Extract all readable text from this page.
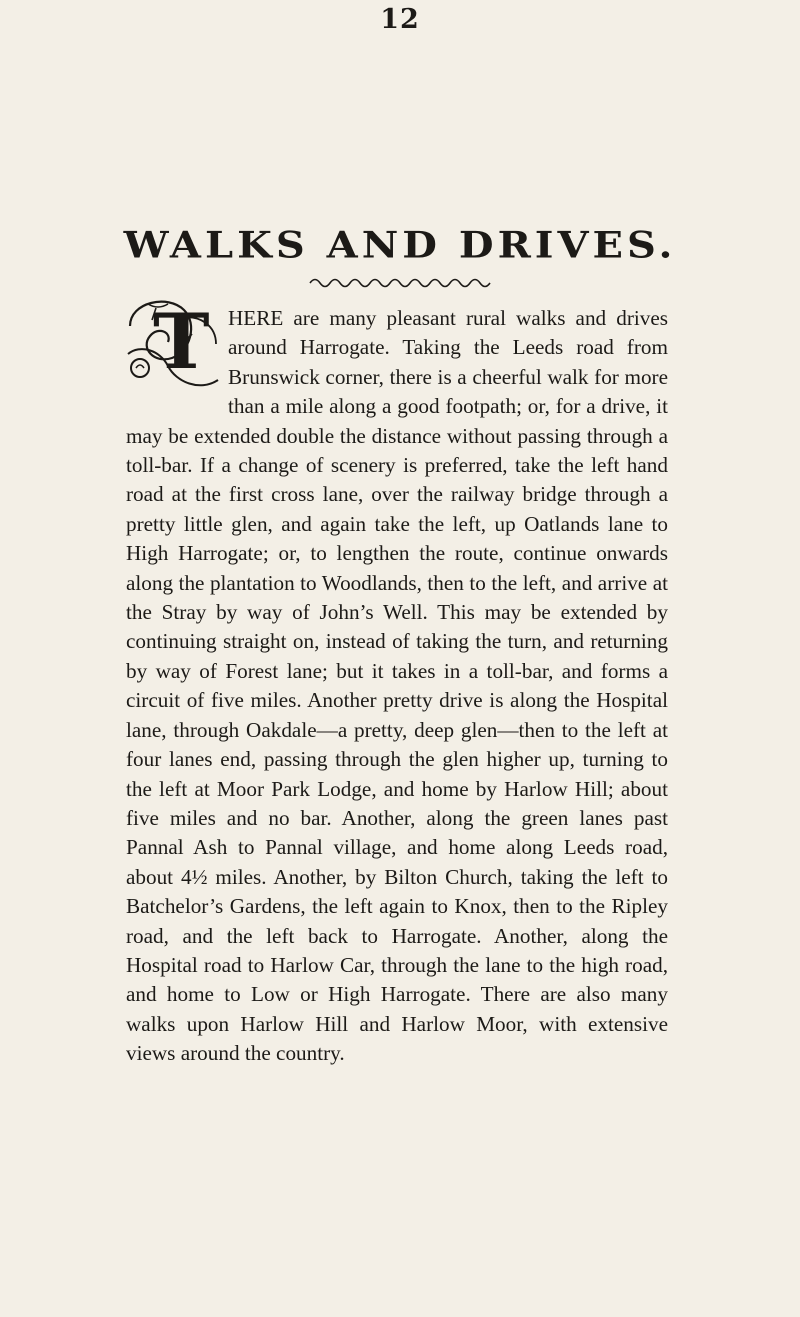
12
WALKS AND DRIVES.
T HERE are many pleasant rural walks and drives around Harrogate. Taking the Leeds road from Brunswick corner, there is a cheerful walk for more than a mile along a good footpath; or, for a drive, it may be extended double the distance without passing through a toll-bar. If a change of scenery is preferred, take the left hand road at the first cross lane, over the railway bridge through a pretty little glen, and again take the left, up Oatlands lane to High Harrogate; or, to lengthen the route, continue onwards along the plantation to Woodlands, then to the left, and arrive at the Stray by way of John’s Well. This may be extended by continuing straight on, instead of taking the turn, and returning by way of Forest lane; but it takes in a toll-bar, and forms a circuit of five miles. Another pretty drive is along the Hospital lane, through Oakdale—a pretty, deep glen—then to the left at four lanes end, passing through the glen higher up, turning to the left at Moor Park Lodge, and home by Harlow Hill; about five miles and no bar. Another, along the green lanes past Pannal Ash to Pannal village, and home along Leeds road, about 4½ miles. Another, by Bilton Church, taking the left to Batchelor’s Gardens, the left again to Knox, then to the Ripley road, and the left back to Harrogate. Another, along the Hospital road to Harlow Car, through the lane to the high road, and home to Low or High Harrogate. There are also many walks upon Harlow Hill and Harlow Moor, with extensive views around the country.
